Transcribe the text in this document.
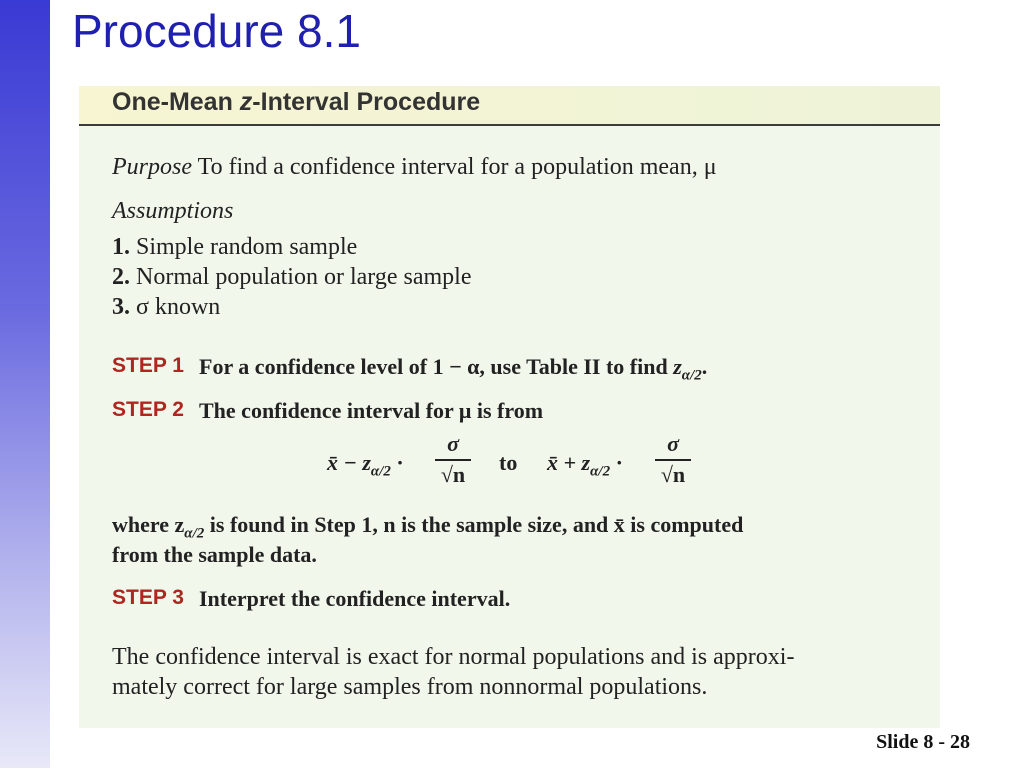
Procedure 8.1
One-Mean z-Interval Procedure
Purpose To find a confidence interval for a population mean, μ
Assumptions
1. Simple random sample
2. Normal population or large sample
3. σ known
STEP 1 For a confidence level of 1 − α, use Table II to find $z_{\alpha/2}$.
STEP 2 The confidence interval for μ is from
x̄ − $z_{\alpha/2}$ ·
σ
√n to x̄ + $z_{\alpha/2}$ ·
σ
√n
where $z_{\alpha/2}$ is found in Step 1, n is the sample size, and x̄ is computed
from the sample data.
STEP 3 Interpret the confidence interval.
The confidence interval is exact for normal populations and is approxi-
mately correct for large samples from nonnormal populations.
Slide 8 - 28
